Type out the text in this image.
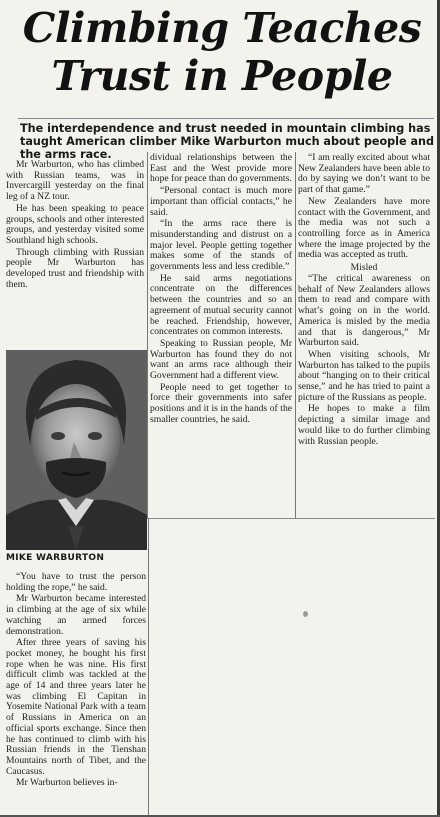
Climbing Teaches
Trust in People
The interdependence and trust needed in mountain climbing has taught American climber Mike Warburton much about people and the arms race.

Mr Warburton, who has climbed with Russian teams, was in Invercargill yesterday on the final leg of a NZ tour.

He has been speaking to peace groups, schools and other interested groups, and yesterday visited some Southland high schools.

Through climbing with Russian people Mr Warburton has developed trust and friendship with them.

MIKE WARBURTON

“You have to trust the person holding the rope,” he said.

Mr Warburton became interested in climbing at the age of six while watching an armed forces demonstration.

After three years of saving his pocket money, he bought his first rope when he was nine. His first difficult climb was tackled at the age of 14 and three years later he was climbing El Capitan in Yosemite National Park with a team of Russians in America on an official sports exchange. Since then he has continued to climb with his Russian friends in the Tienshan Mountains north of Tibet, and the Caucasus.

Mr Warburton believes in-

dividual relationships between the East and the West provide more hope for peace than do governments.

“Personal contact is much more important than official contacts,” he said.

“In the arms race there is misunderstanding and distrust on a major level. People getting together makes some of the stands of governments less and less credible.”

He said arms negotiations concentrate on the differences between the countries and so an agreement of mutual security cannot be reached. Friendship, however, concentrates on common interests.

Speaking to Russian people, Mr Warburton has found they do not want an arms race although their Government had a different view.

People need to get together to force their governments into safer positions and it is in the hands of the smaller countries, he said.

“I am really excited about what New Zealanders have been able to do by saying we don’t want to be part of that game.”

New Zealanders have more contact with the Government, and the media was not such a controlling force as in America where the image projected by the media was accepted as truth.

Misled

“The critical awareness on behalf of New Zealanders allows them to read and compare with what’s going on in the world. America is misled by the media and that is dangerous,” Mr Warburton said.

When visiting schools, Mr Warburton has talked to the pupils about “hanging on to their critical sense,” and he has tried to paint a picture of the Russians as people.

He hopes to make a film depicting a similar image and would like to do further climbing with Russian people.
